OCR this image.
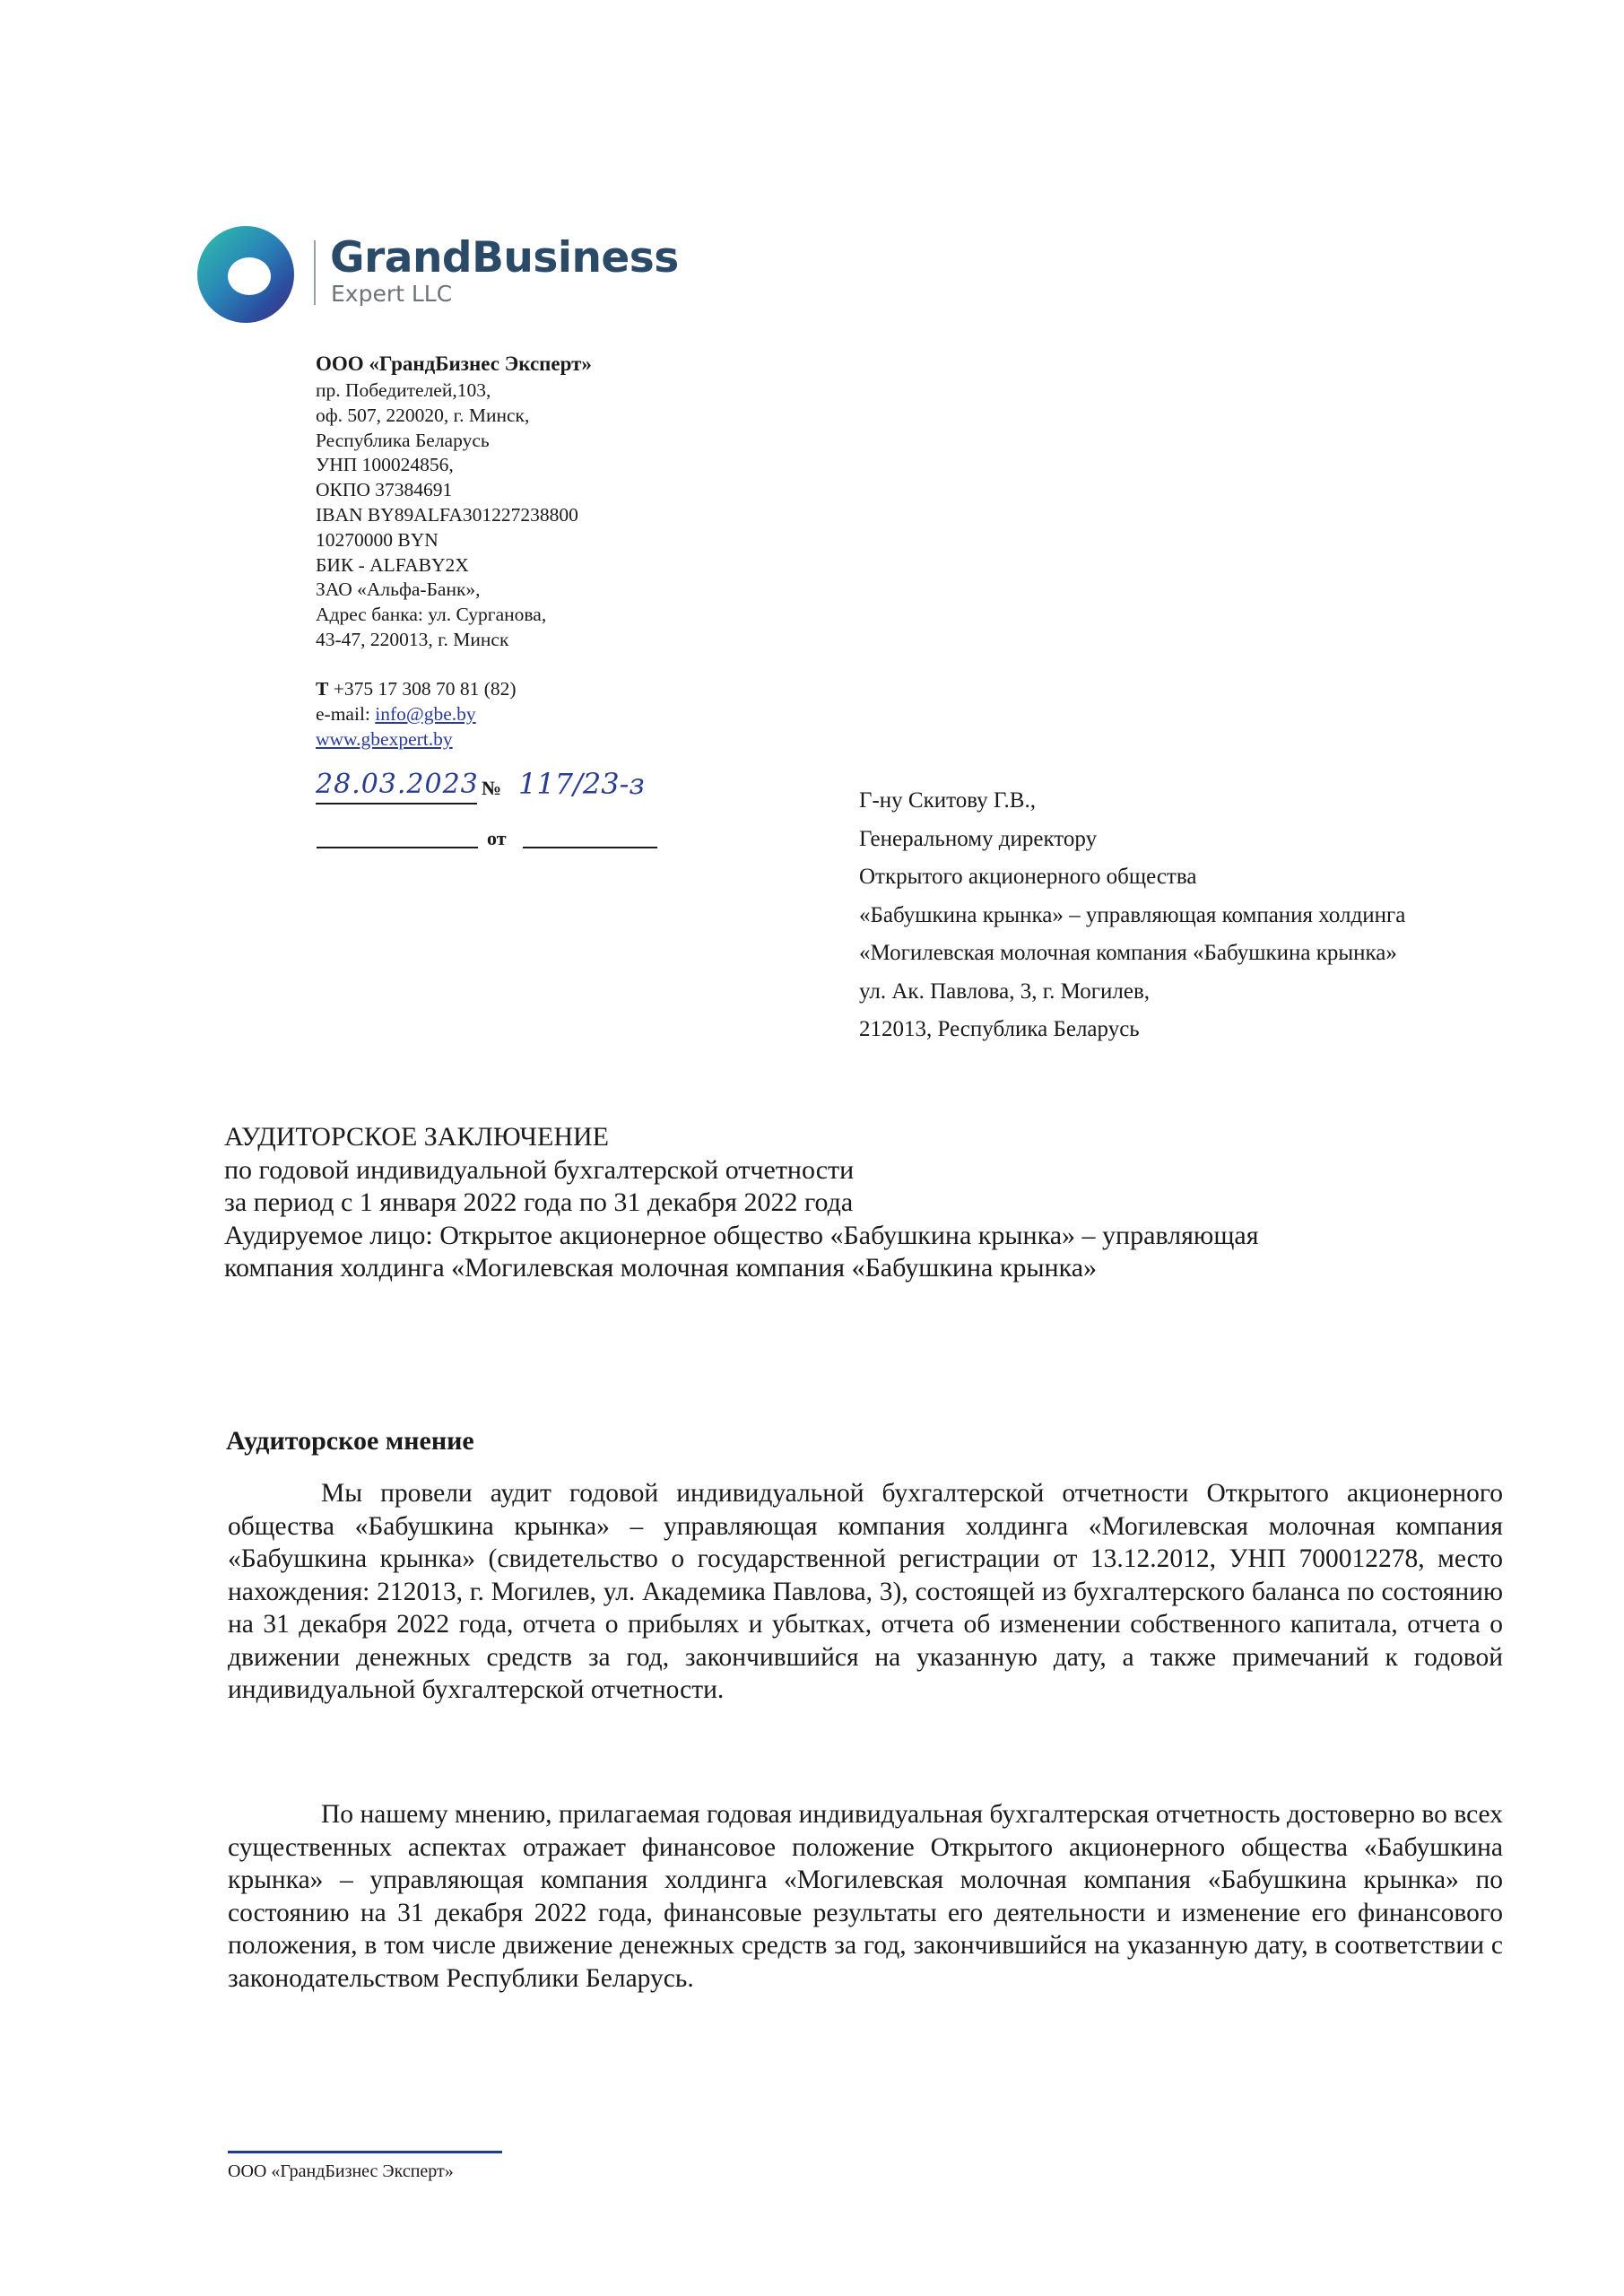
GrandBusiness
Expert LLC
ООО «ГрандБизнес Эксперт»
пр. Победителей,103,
оф. 507, 220020, г. Минск,
Республика Беларусь
УНП 100024856,
ОКПО 37384691
IBAN BY89ALFA301227238800
10270000 BYN
БИК - ALFABY2X
ЗАО «Альфа-Банк»,
Адрес банка: ул. Сурганова,
43-47, 220013, г. Минск
Т +375 17 308 70 81 (82)
e-mail: info@gbe.by
www.gbexpert.by
28.03.2023 № 117/23-з
от
Г-ну Скитову Г.В.,
Генеральному директору
Открытого акционерного общества
«Бабушкина крынка» – управляющая компания холдинга
«Могилевская молочная компания «Бабушкина крынка»
ул. Ак. Павлова, 3, г. Могилев,
212013, Республика Беларусь
АУДИТОРСКОЕ ЗАКЛЮЧЕНИЕ
по годовой индивидуальной бухгалтерской отчетности
за период с 1 января 2022 года по 31 декабря 2022 года
Аудируемое лицо: Открытое акционерное общество «Бабушкина крынка» – управляющая
компания холдинга «Могилевская молочная компания «Бабушкина крынка»
Аудиторское мнение
Мы провели аудит годовой индивидуальной бухгалтерской отчетности Открытого акционерного общества «Бабушкина крынка» – управляющая компания холдинга «Могилевская молочная компания «Бабушкина крынка» (свидетельство о государственной регистрации от 13.12.2012, УНП 700012278, место нахождения: 212013, г. Могилев, ул. Академика Павлова, 3), состоящей из бухгалтерского баланса по состоянию на 31 декабря 2022 года, отчета о прибылях и убытках, отчета об изменении собственного капитала, отчета о движении денежных средств за год, закончившийся на указанную дату, а также примечаний к годовой индивидуальной бухгалтерской отчетности.
По нашему мнению, прилагаемая годовая индивидуальная бухгалтерская отчетность достоверно во всех существенных аспектах отражает финансовое положение Открытого акционерного общества «Бабушкина крынка» – управляющая компания холдинга «Могилевская молочная компания «Бабушкина крынка» по состоянию на 31 декабря 2022 года, финансовые результаты его деятельности и изменение его финансового положения, в том числе движение денежных средств за год, закончившийся на указанную дату, в соответствии с законодательством Республики Беларусь.
ООО «ГрандБизнес Эксперт»
